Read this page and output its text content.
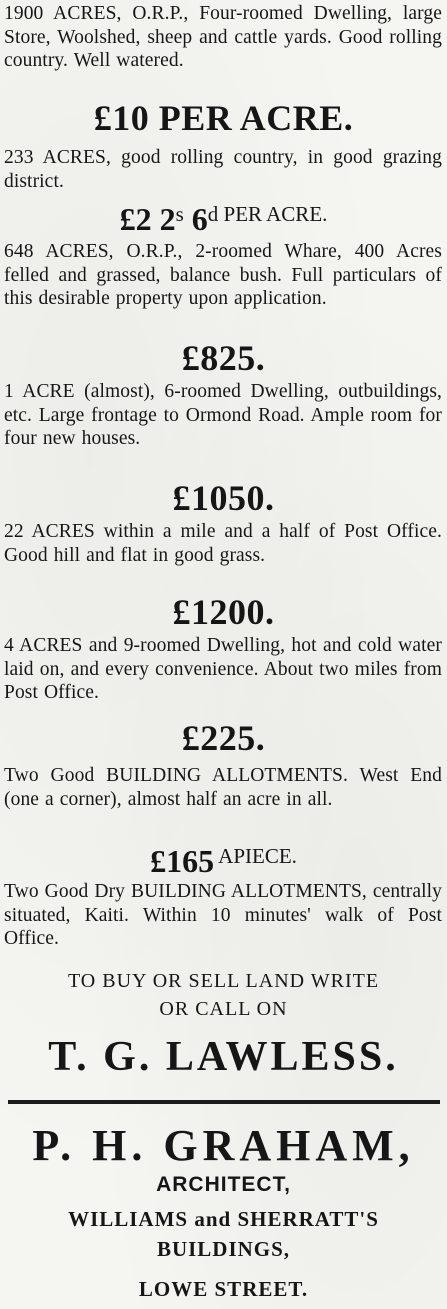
1900 ACRES, O.R.P., Four-roomed Dwelling, large Store, Woolshed, sheep and cattle yards. Good rolling country. Well watered.

£10 PER ACRE.

233 ACRES, good rolling country, in good grazing district.

£2 2$^s$ 6$^d$ $^{PER ACRE.}$

648 ACRES, O.R.P., 2-roomed Whare, 400 Acres felled and grassed, balance bush. Full particulars of this desirable property upon application.

£825.

1 ACRE (almost), 6-roomed Dwelling, outbuildings, etc. Large frontage to Ormond Road. Ample room for four new houses.

£1050.

22 ACRES within a mile and a half of Post Office. Good hill and flat in good grass.

£1200.

4 ACRES and 9-roomed Dwelling, hot and cold water laid on, and every convenience. About two miles from Post Office.

£225.

Two Good BUILDING ALLOTMENTS. West End (one a corner), almost half an acre in all.

£165 $^{APIECE.}$

Two Good Dry BUILDING ALLOTMENTS, centrally situated, Kaiti. Within 10 minutes' walk of Post Office.

TO BUY OR SELL LAND WRITE

OR CALL ON

T. G. LAWLESS.

P. H. GRAHAM,

ARCHITECT,

WILLIAMS and SHERRATT'S

BUILDINGS,

LOWE STREET.
